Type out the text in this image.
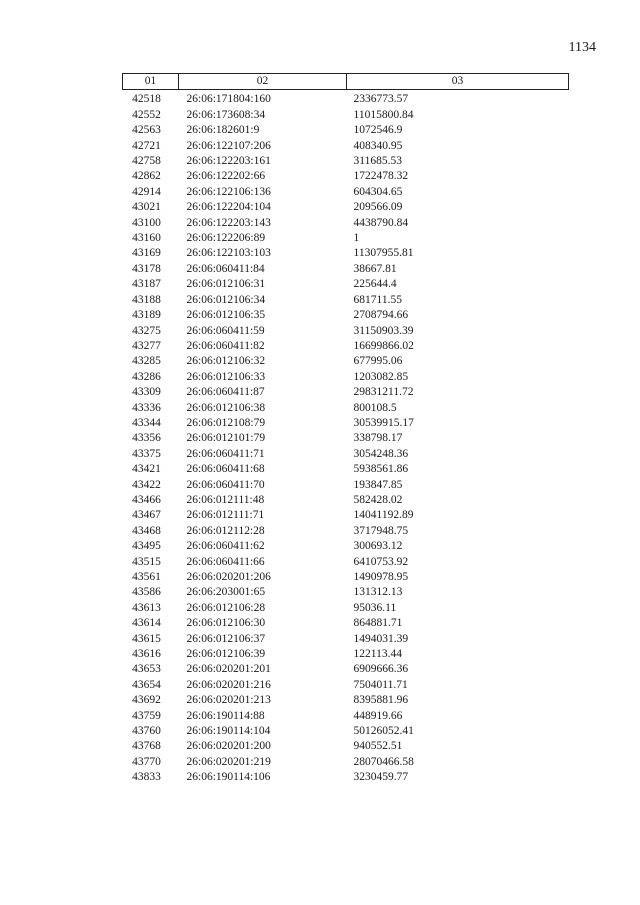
1134
01	02	03
42518	26:06:171804:160	2336773.57
42552	26:06:173608:34	11015800.84
42563	26:06:182601:9	1072546.9
42721	26:06:122107:206	408340.95
42758	26:06:122203:161	311685.53
42862	26:06:122202:66	1722478.32
42914	26:06:122106:136	604304.65
43021	26:06:122204:104	209566.09
43100	26:06:122203:143	4438790.84
43160	26:06:122206:89	1
43169	26:06:122103:103	11307955.81
43178	26:06:060411:84	38667.81
43187	26:06:012106:31	225644.4
43188	26:06:012106:34	681711.55
43189	26:06:012106:35	2708794.66
43275	26:06:060411:59	31150903.39
43277	26:06:060411:82	16699866.02
43285	26:06:012106:32	677995.06
43286	26:06:012106:33	1203082.85
43309	26:06:060411:87	29831211.72
43336	26:06:012106:38	800108.5
43344	26:06:012108:79	30539915.17
43356	26:06:012101:79	338798.17
43375	26:06:060411:71	3054248.36
43421	26:06:060411:68	5938561.86
43422	26:06:060411:70	193847.85
43466	26:06:012111:48	582428.02
43467	26:06:012111:71	14041192.89
43468	26:06:012112:28	3717948.75
43495	26:06:060411:62	300693.12
43515	26:06:060411:66	6410753.92
43561	26:06:020201:206	1490978.95
43586	26:06:203001:65	131312.13
43613	26:06:012106:28	95036.11
43614	26:06:012106:30	864881.71
43615	26:06:012106:37	1494031.39
43616	26:06:012106:39	122113.44
43653	26:06:020201:201	6909666.36
43654	26:06:020201:216	7504011.71
43692	26:06:020201:213	8395881.96
43759	26:06:190114:88	448919.66
43760	26:06:190114:104	50126052.41
43768	26:06:020201:200	940552.51
43770	26:06:020201:219	28070466.58
43833	26:06:190114:106	3230459.77
